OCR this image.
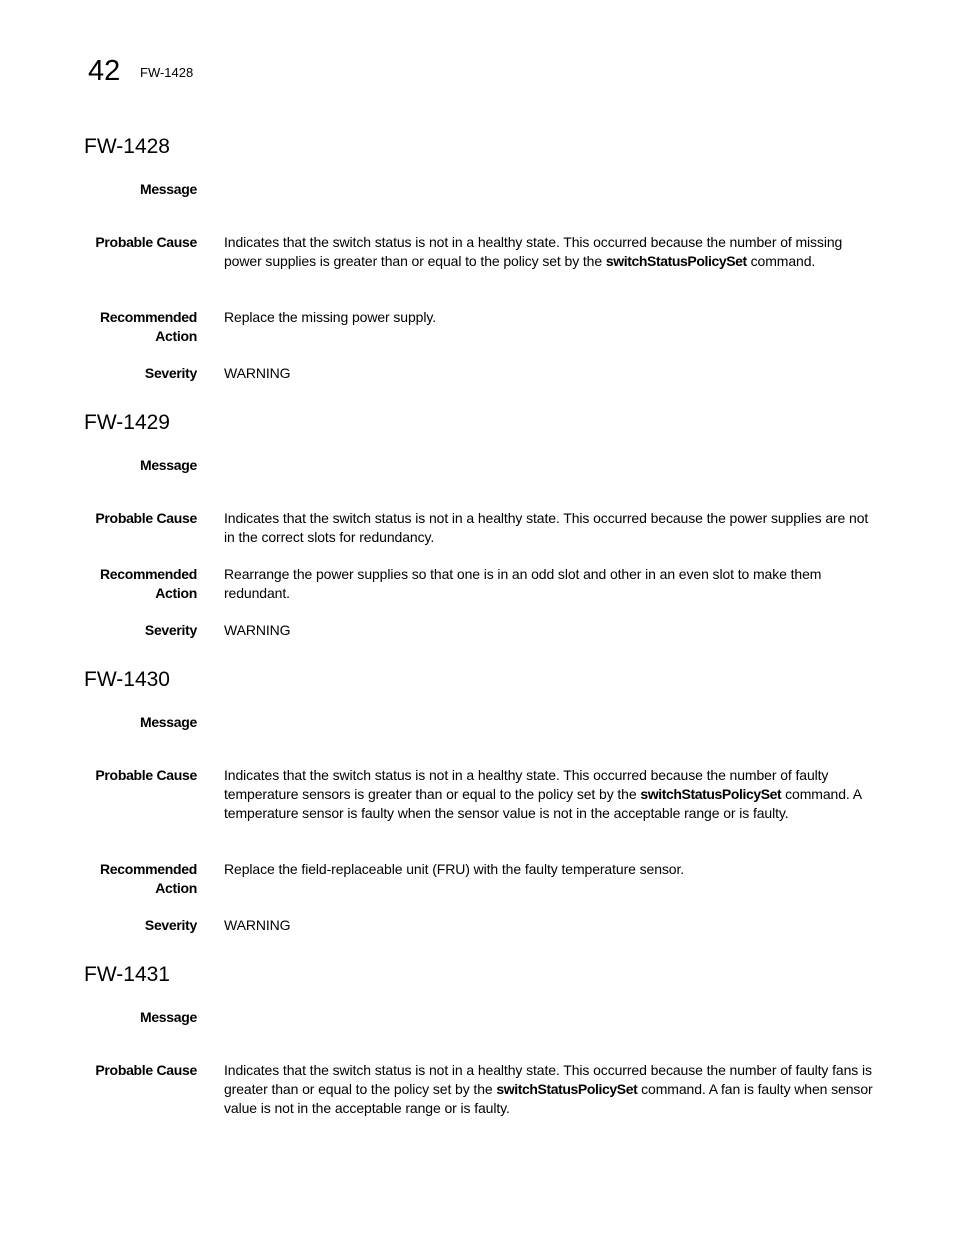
42 FW-1428
FW-1428
Message
Probable Cause Indicates that the switch status is not in a healthy state. This occurred because the number of missing power supplies is greater than or equal to the policy set by the switchStatusPolicySet command.
Recommended
Action
Replace the missing power supply.
Severity WARNING
FW-1429
Message
Probable Cause Indicates that the switch status is not in a healthy state. This occurred because the power supplies are not in the correct slots for redundancy.
Recommended
Action
Rearrange the power supplies so that one is in an odd slot and other in an even slot to make them redundant.
Severity WARNING
FW-1430
Message
Probable Cause Indicates that the switch status is not in a healthy state. This occurred because the number of faulty temperature sensors is greater than or equal to the policy set by the switchStatusPolicySet command. A temperature sensor is faulty when the sensor value is not in the acceptable range or is faulty.
Recommended
Action
Replace the field-replaceable unit (FRU) with the faulty temperature sensor.
Severity WARNING
FW-1431
Message
Probable Cause Indicates that the switch status is not in a healthy state. This occurred because the number of faulty fans is greater than or equal to the policy set by the switchStatusPolicySet command. A fan is faulty when sensor value is not in the acceptable range or is faulty.
